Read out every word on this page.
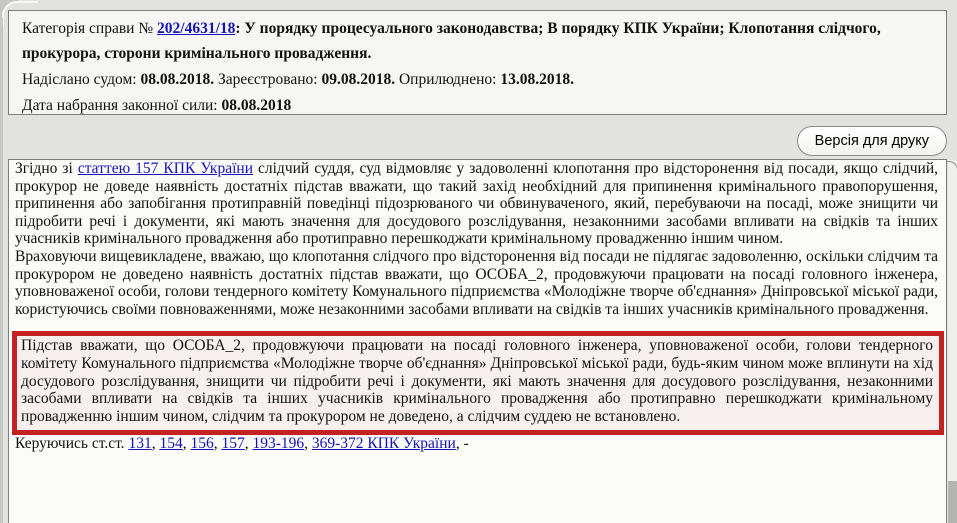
Категорія справи № 202/4631/18: У порядку процесуального законодавства; В порядку КПК України; Клопотання слідчого, прокурора, сторони кримінального провадження.
Надіслано судом: 08.08.2018. Зареєстровано: 09.08.2018. Оприлюднено: 13.08.2018.
Дата набрання законної сили: 08.08.2018
Версія для друку

Згідно зі статтею 157 КПК України слідчий суддя, суд відмовляє у задоволенні клопотання про відсторонення від посади, якщо слідчий, прокурор не доведе наявність достатніх підстав вважати, що такий захід необхідний для припинення кримінального правопорушення, припинення або запобігання протиправній поведінці підозрюваного чи обвинуваченого, який, перебуваючи на посаді, може знищити чи підробити речі і документи, які мають значення для досудового розслідування, незаконними засобами впливати на свідків та інших учасників кримінального провадження або протиправно перешкоджати кримінальному провадженню іншим чином.

Враховуючи вищевикладене, вважаю, що клопотання слідчого про відсторонення від посади не підлягає задоволенню, оскільки слідчим та прокурором не доведено наявність достатніх підстав вважати, що ОСОБА_2, продовжуючи працювати на посаді головного інженера, уповноваженої особи, голови тендерного комітету Комунального підприємства «Молодіжне творче об'єднання» Дніпровської міської ради, користуючись своїми повноваженнями, може незаконними засобами впливати на свідків та інших учасників кримінального провадження.

Підстав вважати, що ОСОБА_2, продовжуючи працювати на посаді головного інженера, уповноваженої особи, голови тендерного комітету Комунального підприємства «Молодіжне творче об'єднання» Дніпровської міської ради, будь-яким чином може вплинути на хід досудового розслідування, знищити чи підробити речі і документи, які мають значення для досудового розслідування, незаконними засобами впливати на свідків та інших учасників кримінального провадження або протиправно перешкоджати кримінальному провадженню іншим чином, слідчим та прокурором не доведено, а слідчим суддею не встановлено.

Керуючись ст.ст. 131, 154, 156, 157, 193-196, 369-372 КПК України, -
